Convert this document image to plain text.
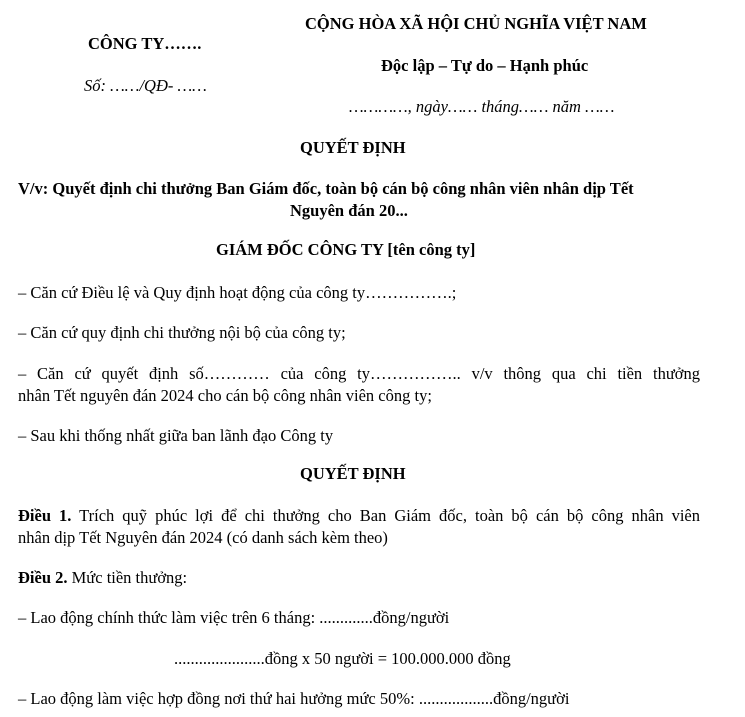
CÔNG TY…….
Số: ……/QĐ- ……
CỘNG HÒA XÃ HỘI CHỦ NGHĨA VIỆT NAM
Độc lập – Tự do – Hạnh phúc
…………, ngày…… tháng…… năm ……
QUYẾT ĐỊNH
V/v: Quyết định chi thưởng Ban Giám đốc, toàn bộ cán bộ công nhân viên nhân dịp Tết
Nguyên đán 20...
GIÁM ĐỐC CÔNG TY [tên công ty]
– Căn cứ Điều lệ và Quy định hoạt động của công ty…………….;
– Căn cứ quy định chi thưởng nội bộ của công ty;
– Căn cứ quyết định số………… của công ty…………….. v/v thông qua chi tiền thưởng
nhân Tết nguyên đán 2024 cho cán bộ công nhân viên công ty;
– Sau khi thống nhất giữa ban lãnh đạo Công ty
QUYẾT ĐỊNH
Điều 1. Trích quỹ phúc lợi để chi thưởng cho Ban Giám đốc, toàn bộ cán bộ công nhân viên
nhân dịp Tết Nguyên đán 2024 (có danh sách kèm theo)
Điều 2. Mức tiền thưởng:
– Lao động chính thức làm việc trên 6 tháng: .............đồng/người
......................đồng x 50 người = 100.000.000 đồng
– Lao động làm việc hợp đồng nơi thứ hai hưởng mức 50%: ..................đồng/người
